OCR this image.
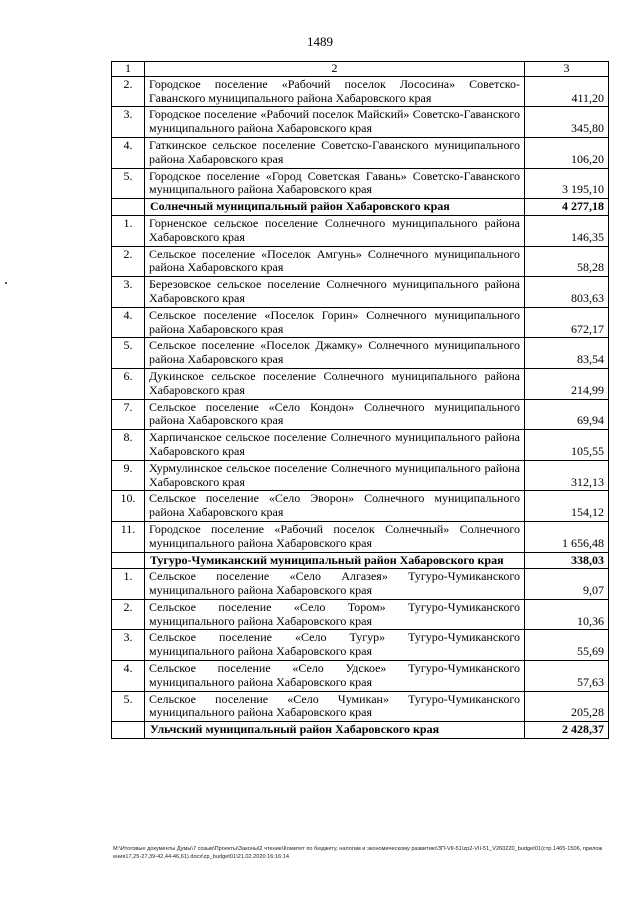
1489
1	2	3
2.	Городское поселение «Рабочий поселок Лососина» Советско-Гаванского муниципального района Хабаровского края	411,20
3.	Городское поселение «Рабочий поселок Майский» Советско-Гаванского муниципального района Хабаровского края	345,80
4.	Гаткинское сельское поселение Советско-Гаванского муниципального района Хабаровского края	106,20
5.	Городское поселение «Город Советская Гавань» Советско-Гаванского муниципального района Хабаровского края	3 195,10
	Солнечный муниципальный район Хабаровского края	4 277,18
1.	Горненское сельское поселение Солнечного муниципального района Хабаровского края	146,35
2.	Сельское поселение «Поселок Амгунь» Солнечного муниципального района Хабаровского края	58,28
3.	Березовское сельское поселение Солнечного муниципального района Хабаровского края	803,63
4.	Сельское поселение «Поселок Горин» Солнечного муниципального района Хабаровского края	672,17
5.	Сельское поселение «Поселок Джамку» Солнечного муниципального района Хабаровского края	83,54
6.	Дукинское сельское поселение Солнечного муниципального района Хабаровского края	214,99
7.	Сельское поселение «Село Кондон» Солнечного муниципального района Хабаровского края	69,94
8.	Харпичанское сельское поселение Солнечного муниципального района Хабаровского края	105,55
9.	Хурмулинское сельское поселение Солнечного муниципального района Хабаровского края	312,13
10.	Сельское поселение «Село Эворон» Солнечного муниципального района Хабаровского края	154,12
11.	Городское поселение «Рабочий поселок Солнечный» Солнечного муниципального района Хабаровского края	1 656,48
	Тугуро-Чумиканский муниципальный район Хабаровского края	338,03
1.	Сельское поселение «Село Алгазея» Тугуро-Чумиканского муниципального района Хабаровского края	9,07
2.	Сельское поселение «Село Тором» Тугуро-Чумиканского муниципального района Хабаровского края	10,36
3.	Сельское поселение «Село Тугур» Тугуро-Чумиканского муниципального района Хабаровского края	55,69
4.	Сельское поселение «Село Удское» Тугуро-Чумиканского муниципального района Хабаровского края	57,63
5.	Сельское поселение «Село Чумикан» Тугуро-Чумиканского муниципального района Хабаровского края	205,28
	Ульчский муниципальный район Хабаровского края	2 428,37
M:\Итоговые документы Думы\7 созыв\Проекты\Законы\2 чтение\Комитет по бюджету, налогам и экономическому развитию\ЗП-VII-51\zp2-VII-51_V260220_budget01(стр.1465-1506, приложения17,25-27,39-42,44-46,61).docx\zp_budget01\21.02.2020 16:16:14
